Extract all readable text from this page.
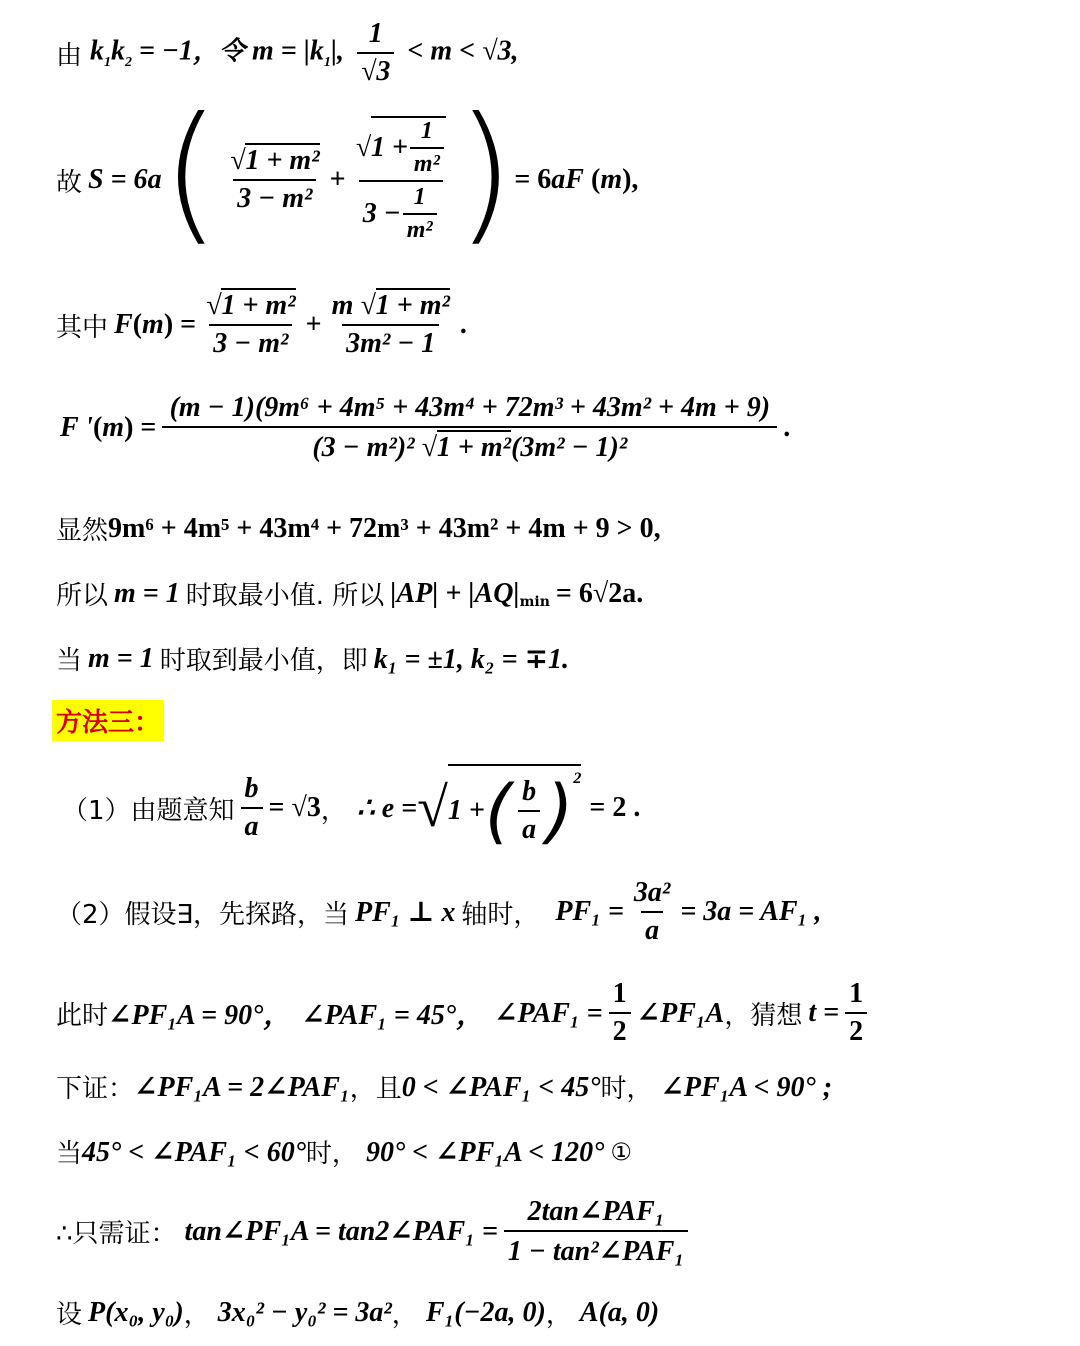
由 $k_1k_2 = -1$，令 $m = |k_1|$, $\frac{1}{√3} < m < √3$,
故 S = 6a ( $\frac{\text{√1 + m²}}{\text{3 − m²}} + \frac{√1 + \frac{1}{\text{m²}}}{3 - \frac{1}{\text{m²}}}$ ) = 6aF (m),
其中 F $(m) = \frac{\text{√1 + m²}}{\text{3 − m²}} + \frac{\text{m √1 + m²}}{\text{3m² − 1}}$ .
F ' $(m) = \frac{\text{(m − 1)(9m⁶ + 4m⁵ + 43m⁴ + 72m³ + 43m² + 4m + 9)}}{\text{(3 − m²)² √1 + m²(3m² − 1)²}}$ .
显然 9m⁶ + 4m⁵ + 43m⁴ + 72m³ + 43m² + 4m + 9 > 0,
所以 m = 1 时取最小值. 所以 |AP| + |AQ| min = 6√2a.
当 m = 1 时取到最小值，即 k₁ = ±1, k₂ = ∓1.
方法三：
（1）由题意知 $\frac{b}{a} = √3$ ， ∴ e = √ 1 + ( $\frac{b}{a} )^2$
= 2 .
（2）假设∃，先探路，当 PF₁ ⊥ x 轴时， $PF_1 = \frac{\text{3a²}}{a} = 3a = AF_1$ ,
此时 ∠PF₁A = 90°， ∠PAF₁ = 45°， ∠PAF₁ = $\frac{1}{2}$ ∠PF₁A ，猜想 $t = \frac{1}{2}$
下证： ∠PF₁A = 2∠PAF₁ ，且 0 < ∠PAF₁ < 45° 时， ∠PF₁A < 90° ;
当 45° < ∠PAF₁ < 60° 时， 90° < ∠PF₁A < 120° ①
∴只需证： tan∠PF₁A = tan2∠PAF₁ = $\frac{\text{2tan∠PAF₁}}{\text{1 − tan²∠PAF₁}}$
设 P(x₀, y₀) ， 3x₀² − y₀² = 3a² ， F₁(−2a, 0) ， A(a, 0)
